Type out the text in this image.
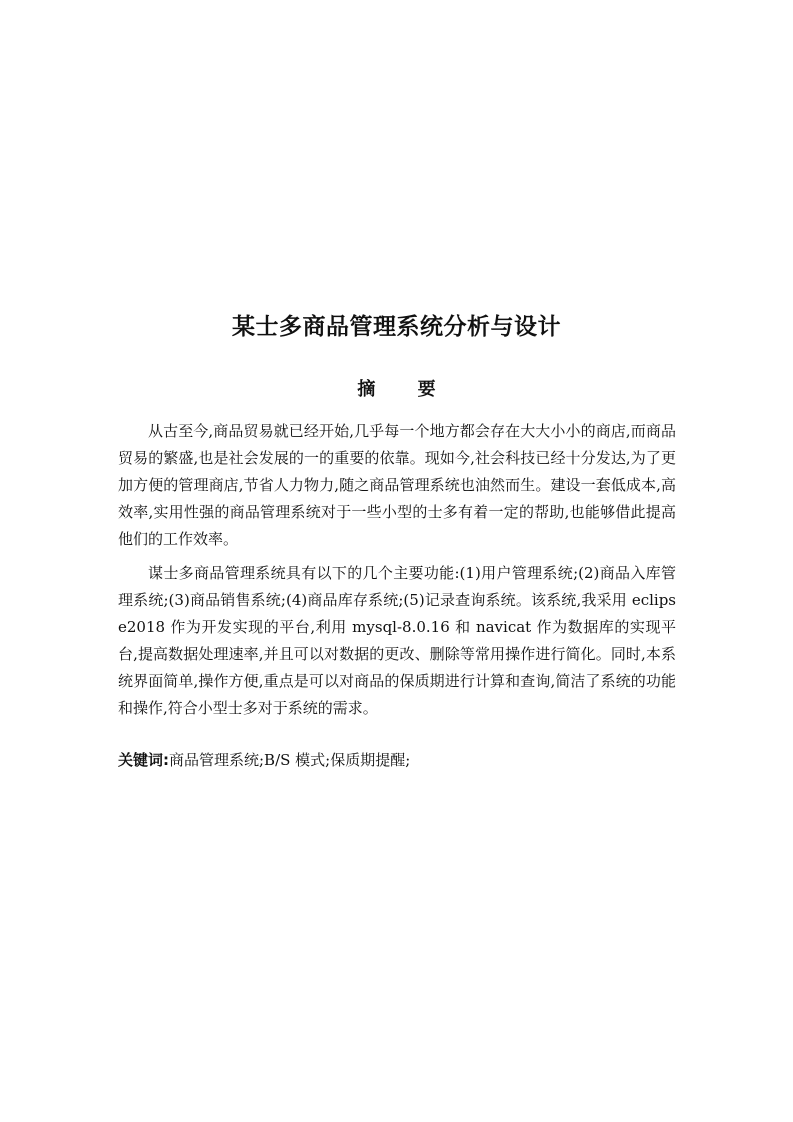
某士多商品管理系统分析与设计
摘 要

从古至今,商品贸易就已经开始,几乎每一个地方都会存在大大小小的商店,而商品贸易的繁盛,也是社会发展的一的重要的依靠。现如今,社会科技已经十分发达,为了更加方便的管理商店,节省人力物力,随之商品管理系统也油然而生。建设一套低成本,高效率,实用性强的商品管理系统对于一些小型的士多有着一定的帮助,也能够借此提高他们的工作效率。

谋士多商品管理系统具有以下的几个主要功能:(1)用户管理系统;(2)商品入库管理系统;(3)商品销售系统;(4)商品库存系统;(5)记录查询系统。该系统,我采用 eclipse2018 作为开发实现的平台,利用 mysql-8.0.16 和 navicat 作为数据库的实现平台,提高数据处理速率,并且可以对数据的更改、删除等常用操作进行简化。同时,本系统界面简单,操作方便,重点是可以对商品的保质期进行计算和查询,简洁了系统的功能和操作,符合小型士多对于系统的需求。

关键词:商品管理系统;B/S 模式;保质期提醒;
